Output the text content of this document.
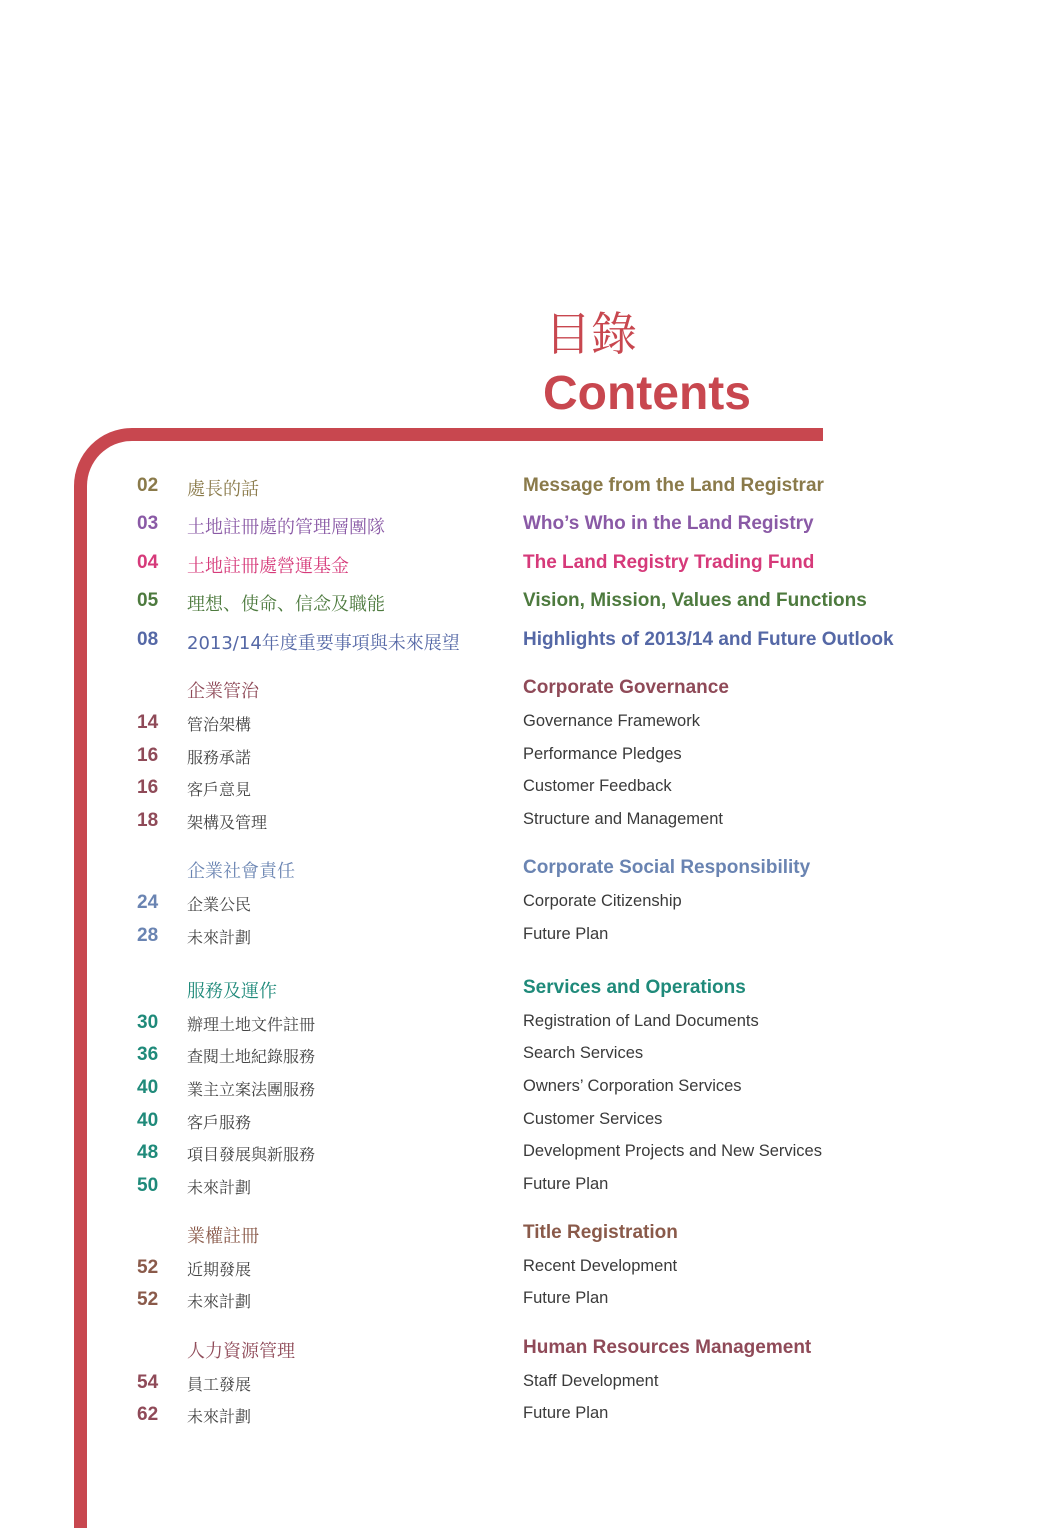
目錄
Contents
02 處長的話	Message from the Land Registrar
03 土地註冊處的管理層團隊	Who’s Who in the Land Registry
04 土地註冊處營運基金	The Land Registry Trading Fund
05 理想、使命、信念及職能	Vision, Mission, Values and Functions
08 2013/14年度重要事項與未來展望	Highlights of 2013/14 and Future Outlook
企業管治	Corporate Governance
14 管治架構	Governance Framework
16 服務承諾	Performance Pledges
16 客戶意見	Customer Feedback
18 架構及管理	Structure and Management
企業社會責任	Corporate Social Responsibility
24 企業公民	Corporate Citizenship
28 未來計劃	Future Plan
服務及運作	Services and Operations
30 辦理土地文件註冊	Registration of Land Documents
36 查閱土地紀錄服務	Search Services
40 業主立案法團服務	Owners’ Corporation Services
40 客戶服務	Customer Services
48 項目發展與新服務	Development Projects and New Services
50 未來計劃	Future Plan
業權註冊	Title Registration
52 近期發展	Recent Development
52 未來計劃	Future Plan
人力資源管理	Human Resources Management
54 員工發展	Staff Development
62 未來計劃	Future Plan
